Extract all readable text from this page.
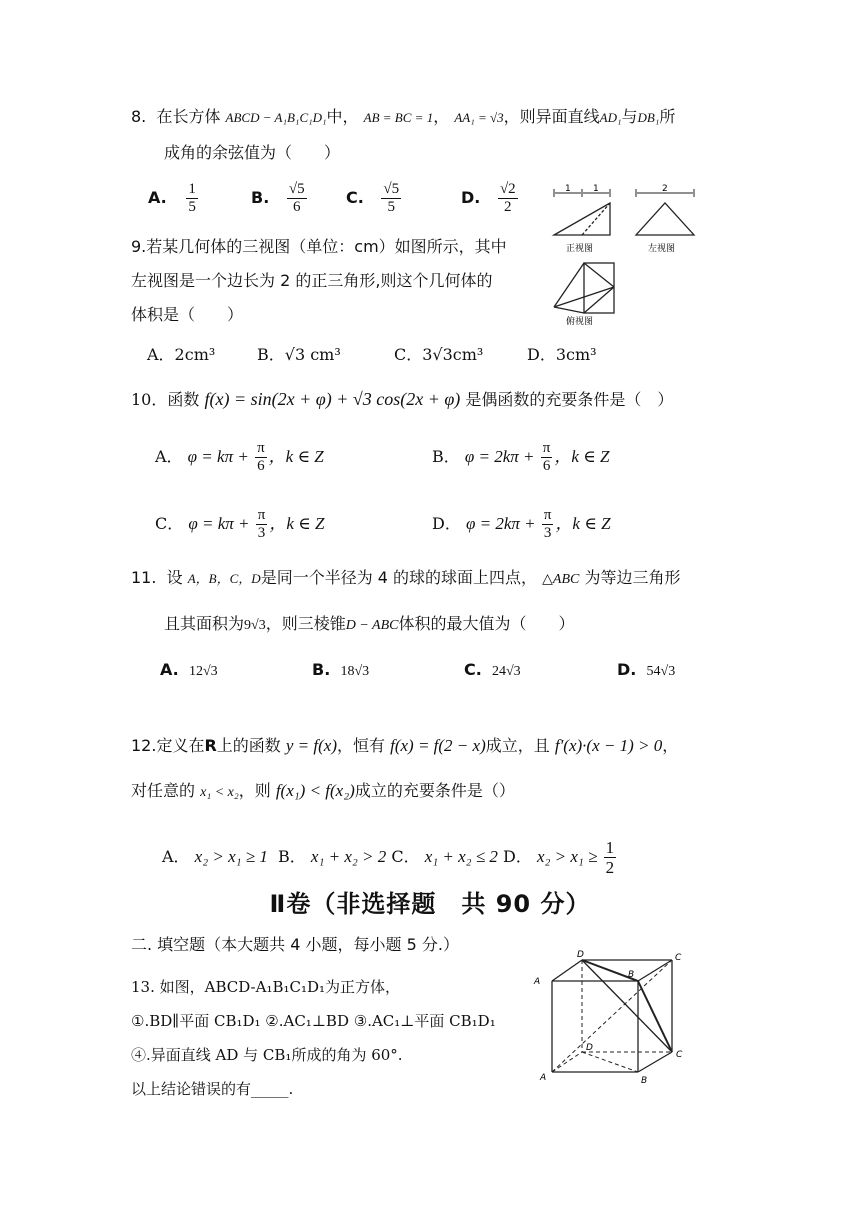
8. 在长方体 ABCD − A₁B₁C₁D₁中， AB = BC = 1， AA₁ = √3，则异面直线AD₁与DB₁所
成角的余弦值为（　　）
A. $\frac{1}{5}$	B. $\frac{√5}{6} C$. $\frac{√5}{5}$	D. $\frac{√2}{2}$	1 1	2
正视图	左视图
俯视图
9.若某几何体的三视图（单位：cm）如图所示，其中
左视图是一个边长为 2 的正三角形,则这个几何体的
体积是（　　）
A．2cm³	B．√3 cm³	C．3√3cm³	D．3cm³
10．函数 f(x) = sin(2x + φ) + √3 cos(2x + φ) 是偶函数的充要条件是（　）
A． $\varphi = k\pi + \frac{\pi}{6}$ ，k ∈ Z	B． $\varphi = 2k\pi + \frac{\pi}{6}$ ，k ∈ Z
C． $\varphi = k\pi + \frac{\pi}{3}$ ，k ∈ Z	D． $\varphi = 2k\pi + \frac{\pi}{3}$ ，k ∈ Z
11. 设 A，B，C，D是同一个半径为 4 的球的球面上四点， △ABC 为等边三角形
且其面积为9√3，则三棱锥D − ABC体积的最大值为（　　）
A. 12√3	B. 18√3	C. 24√3	D. 54√3
12.定义在R上的函数 y = f(x)，恒有 f(x) = f(2 − x)成立，且 f′(x)·(x − 1) > 0，
对任意的 x₁ < x₂，则 f(x₁) < f(x₂)成立的充要条件是（）
A． x₂ > x₁ ≥ 1 B． x₁ + x₂ > 2 C． x₁ + x₂ ≤ 2 D． $x_2 > x_1 \ge \frac{1}{2}$
Ⅱ卷（非选择题　共 90 分）
二. 填空题（本大题共 4 小题，每小题 5 分.）
13. 如图，ABCD-A₁B₁C₁D₁为正方体，
①.BD∥平面 CB₁D₁ ②.AC₁⊥BD ③.AC₁⊥平面 CB₁D₁
④.异面直线 AD 与 CB₁所成的角为 60°.
以上结论错误的有_____.
D	C
A
B
D
C
A	B
